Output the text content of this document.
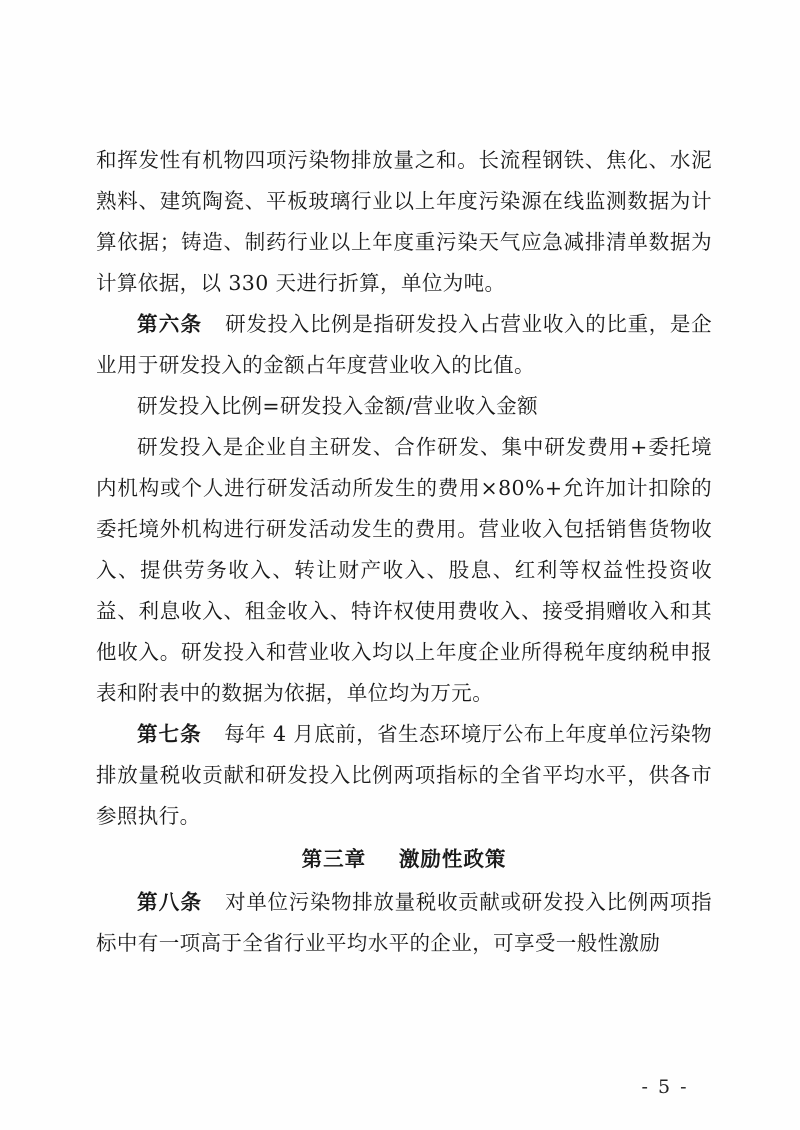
和挥发性有机物四项污染物排放量之和。长流程钢铁、焦化、水泥熟料、建筑陶瓷、平板玻璃行业以上年度污染源在线监测数据为计算依据；铸造、制药行业以上年度重污染天气应急减排清单数据为计算依据，以 330 天进行折算，单位为吨。

第六条 研发投入比例是指研发投入占营业收入的比重，是企业用于研发投入的金额占年度营业收入的比值。

研发投入比例=研发投入金额/营业收入金额

研发投入是企业自主研发、合作研发、集中研发费用+委托境内机构或个人进行研发活动所发生的费用×80%+允许加计扣除的委托境外机构进行研发活动发生的费用。营业收入包括销售货物收入、提供劳务收入、转让财产收入、股息、红利等权益性投资收益、利息收入、租金收入、特许权使用费收入、接受捐赠收入和其他收入。研发投入和营业收入均以上年度企业所得税年度纳税申报表和附表中的数据为依据，单位均为万元。

第七条 每年 4 月底前，省生态环境厅公布上年度单位污染物排放量税收贡献和研发投入比例两项指标的全省平均水平，供各市参照执行。

第三章 激励性政策

第八条 对单位污染物排放量税收贡献或研发投入比例两项指标中有一项高于全省行业平均水平的企业，可享受一般性激励

- 5 -
